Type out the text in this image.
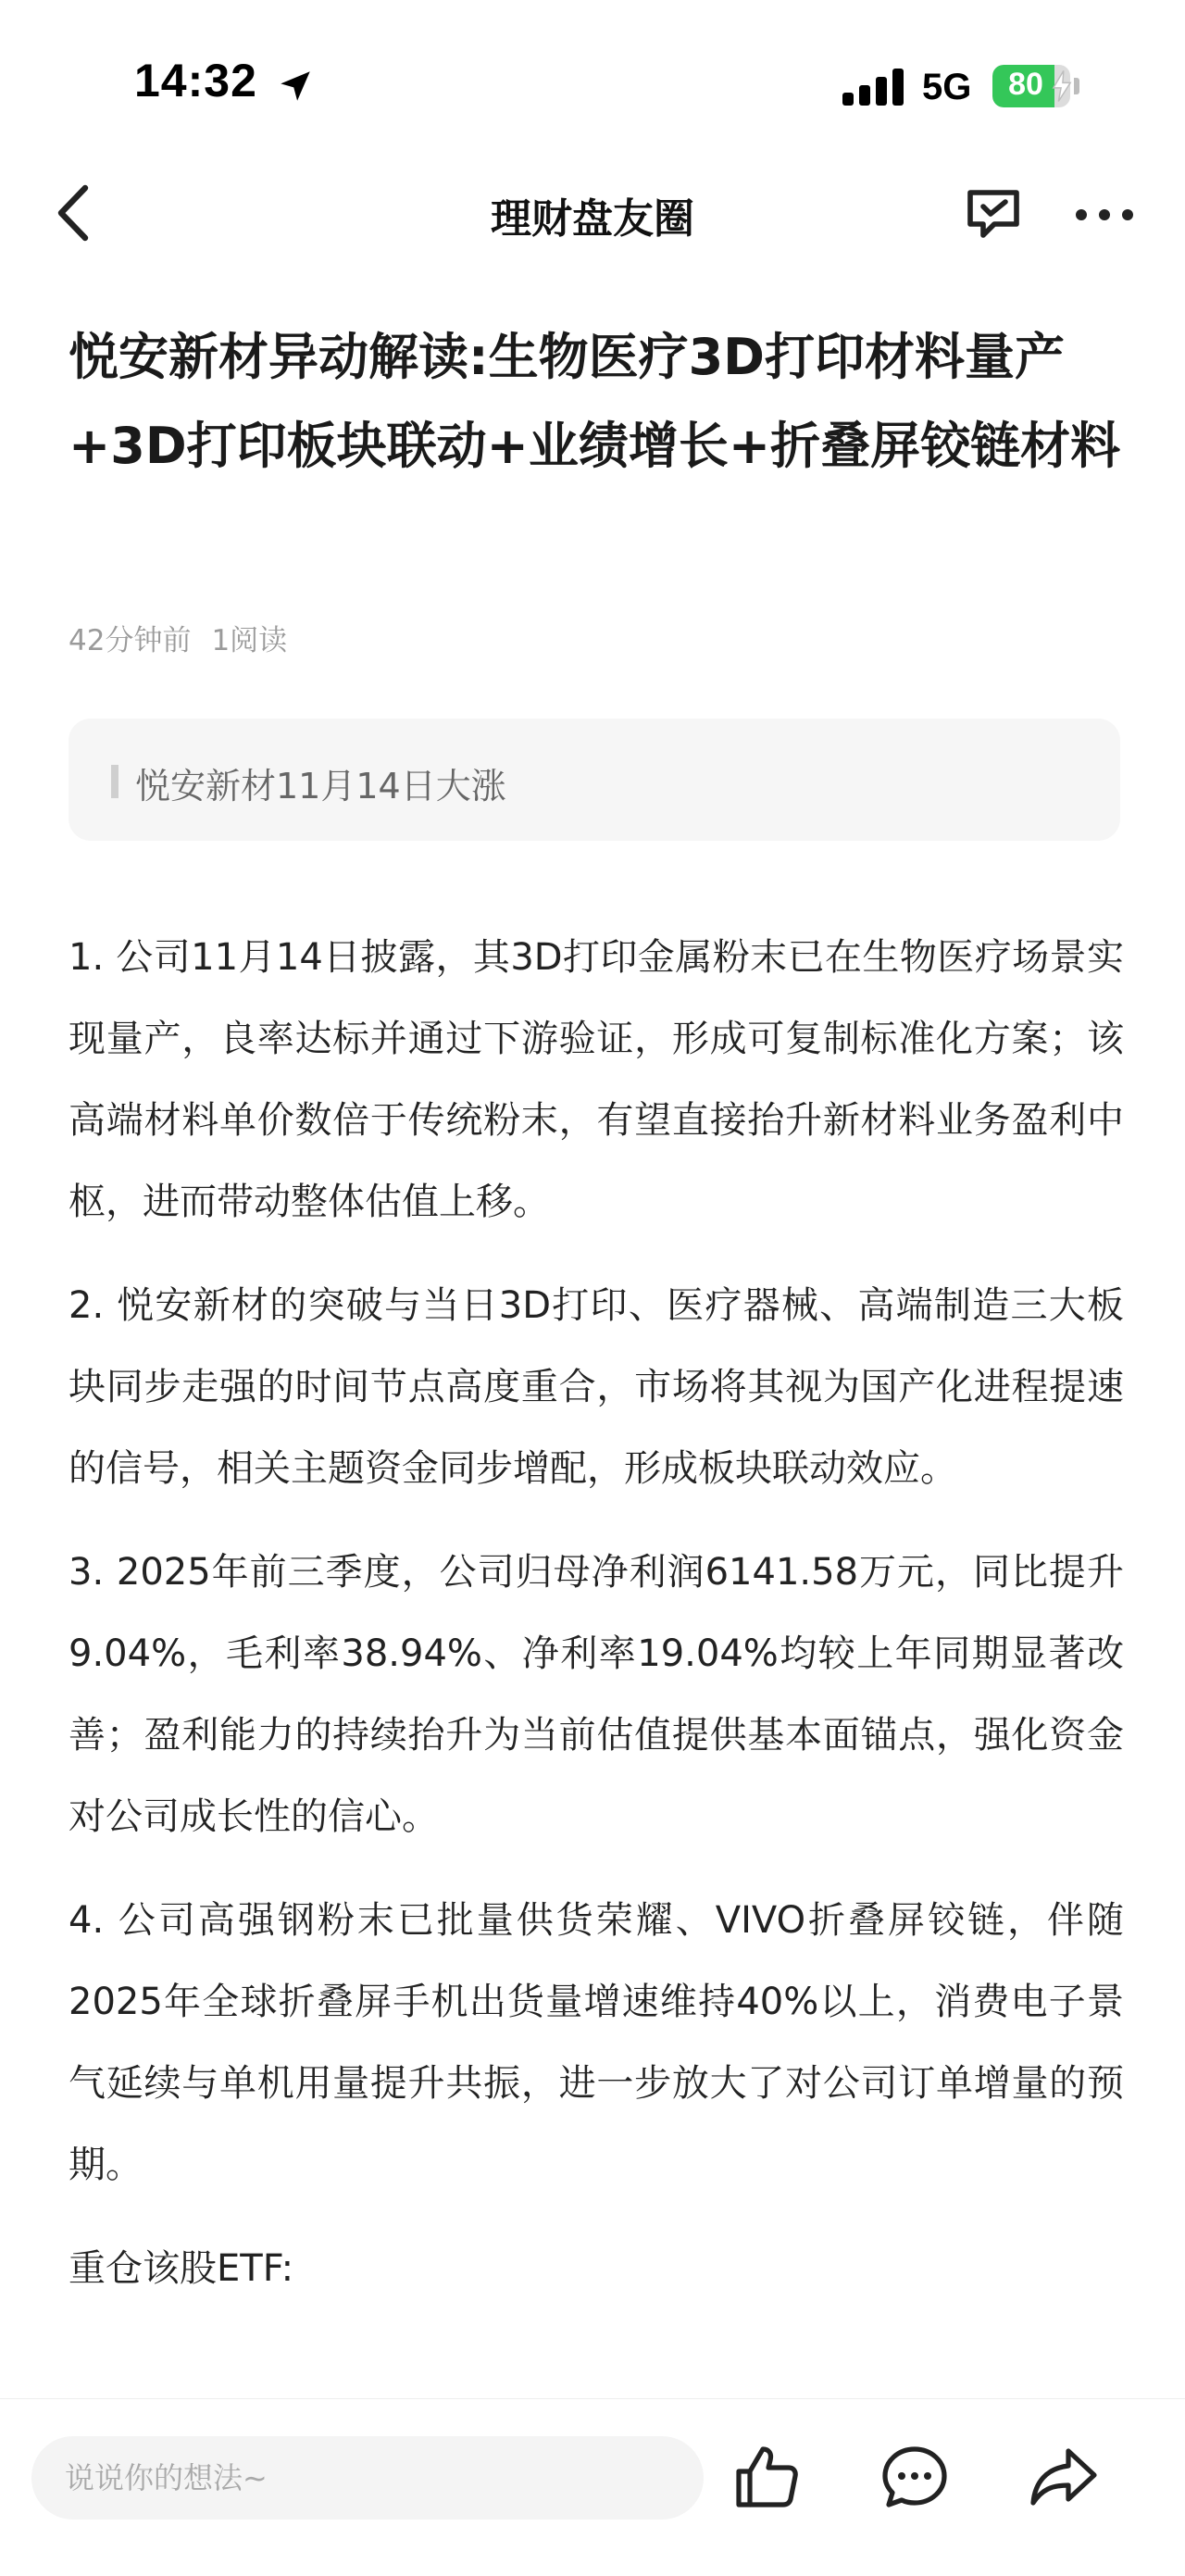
14:32	5G	80
理财盘友圈
悦安新材异动解读:生物医疗3D打印材料量产+3D打印板块联动+业绩增长+折叠屏铰链材料
42分钟前 1阅读
悦安新材11月14日大涨

1. 公司11月14日披露，其3D打印金属粉末已在生物医疗场景实现量产，良率达标并通过下游验证，形成可复制标准化方案；该高端材料单价数倍于传统粉末，有望直接抬升新材料业务盈利中枢，进而带动整体估值上移。

2. 悦安新材的突破与当日3D打印、医疗器械、高端制造三大板块同步走强的时间节点高度重合，市场将其视为国产化进程提速的信号，相关主题资金同步增配，形成板块联动效应。

3. 2025年前三季度，公司归母净利润6141.58万元，同比提升9.04%，毛利率38.94%、净利率19.04%均较上年同期显著改善；盈利能力的持续抬升为当前估值提供基本面锚点，强化资金对公司成长性的信心。

4. 公司高强钢粉末已批量供货荣耀、VIVO折叠屏铰链，伴随2025年全球折叠屏手机出货量增速维持40%以上，消费电子景气延续与单机用量提升共振，进一步放大了对公司订单增量的预期。

重仓该股ETF:

说说你的想法~
